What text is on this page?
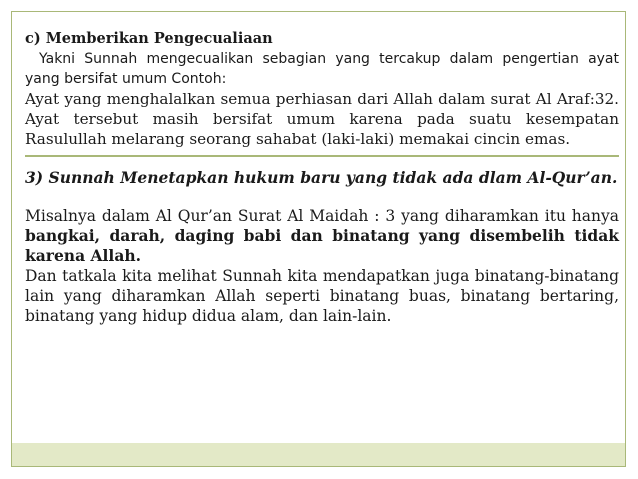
c) Memberikan Pengecualiaan
Yakni Sunnah mengecualikan sebagian yang tercakup dalam pengertian ayat yang bersifat umum Contoh:
Ayat yang menghalalkan semua perhiasan dari Allah dalam surat Al Araf:32. Ayat tersebut masih bersifat umum karena pada suatu kesempatan Rasulullah melarang seorang sahabat (laki-laki) memakai cincin emas.

3) Sunnah Menetapkan hukum baru yang tidak ada dlam Al-Qur’an.

Misalnya dalam Al Qur’an Surat Al Maidah : 3 yang diharamkan itu hanya bangkai, darah, daging babi dan binatang yang disembelih tidak karena Allah.

Dan tatkala kita melihat Sunnah kita mendapatkan juga binatang-binatang lain yang diharamkan Allah seperti binatang buas, binatang bertaring, binatang yang hidup didua alam, dan lain-lain.
